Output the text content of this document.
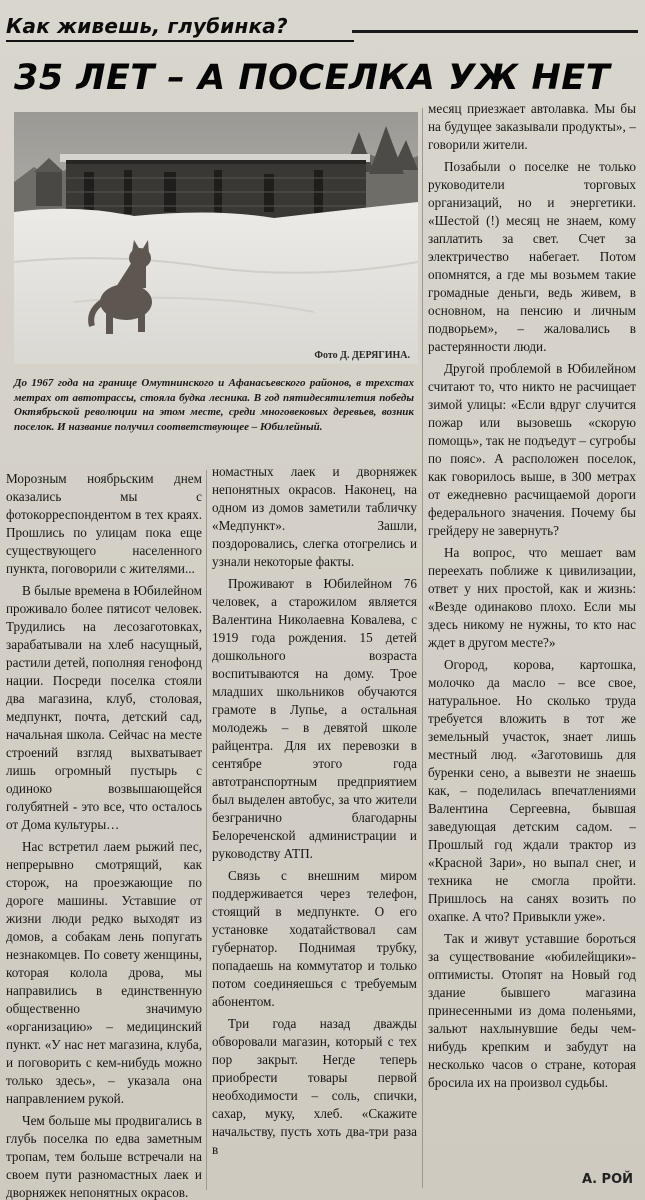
Как живешь, глубинка?
35 ЛЕТ – А ПОСЕЛКА УЖ НЕТ
Фото Д. ДЕРЯГИНА.
До 1967 года на границе Омутнинского и Афанасьевского районов, в трехстах метрах от автотрассы, стояла будка лесника. В год пятидесятилетия победы Октябрьской революции на этом месте, среди многовековых деревьев, возник поселок. И название получил соответствующее – Юбилейный.

Морозным ноябрьским днем оказались мы с фотокорреспондентом в тех краях. Прошлись по улицам пока еще существующего населенного пункта, поговорили с жителями...

В былые времена в Юбилейном проживало более пятисот человек. Трудились на лесозаготовках, зарабатывали на хлеб насущный, растили детей, пополняя генофонд нации. Посреди поселка стояли два магазина, клуб, столовая, медпункт, почта, детский сад, начальная школа. Сейчас на месте строений взгляд выхватывает лишь огромный пустырь с одиноко возвышающейся голубятней - это все, что осталось от Дома культуры…

Нас встретил лаем рыжий пес, непрерывно смотрящий, как сторож, на проезжающие по дороге машины. Уставшие от жизни люди редко выходят из домов, а собакам лень попугать незнакомцев. По совету женщины, которая колола дрова, мы направились в единственную общественно значимую «организацию» – медицинский пункт. «У нас нет магазина, клуба, и поговорить с кем-нибудь можно только здесь», – указала она направлением рукой.

Чем больше мы продвигались в глубь поселка по едва заметным тропам, тем больше встречали на своем пути разномастных лаек и дворняжек непонятных окрасов.

номастных лаек и дворняжек непонятных окрасов. Наконец, на одном из домов заметили табличку «Медпункт». Зашли, поздоровались, слегка отогрелись и узнали некоторые факты.

Проживают в Юбилейном 76 человек, а старожилом является Валентина Николаевна Ковалева, с 1919 года рождения. 15 детей дошкольного возраста воспитываются на дому. Трое младших школьников обучаются грамоте в Лупье, а остальная молодежь – в девятой школе райцентра. Для их перевозки в сентябре этого года автотранспортным предприятием был выделен автобус, за что жители безгранично благодарны Белореченской администрации и руководству АТП.

Связь с внешним миром поддерживается через телефон, стоящий в медпункте. О его установке ходатайствовал сам губернатор. Поднимая трубку, попадаешь на коммутатор и только потом соединяешься с требуемым абонентом.

Три года назад дважды обворовали магазин, который с тех пор закрыт. Негде теперь приобрести товары первой необходимости – соль, спички, сахар, муку, хлеб. «Скажите начальству, пусть хоть два-три раза в

месяц приезжает автолавка. Мы бы на будущее заказывали продукты», – говорили жители.

Позабыли о поселке не только руководители торговых организаций, но и энергетики. «Шестой (!) месяц не знаем, кому заплатить за свет. Счет за электричество набегает. Потом опомнятся, а где мы возьмем такие громадные деньги, ведь живем, в основном, на пенсию и личным подворьем», – жаловались в растерянности люди.

Другой проблемой в Юбилейном считают то, что никто не расчищает зимой улицы: «Если вдруг случится пожар или вызовешь «скорую помощь», так не подъедут – сугробы по пояс». А расположен поселок, как говорилось выше, в 300 метрах от ежедневно расчищаемой дороги федерального значения. Почему бы грейдеру не завернуть?

На вопрос, что мешает вам переехать поближе к цивилизации, ответ у них простой, как и жизнь: «Везде одинаково плохо. Если мы здесь никому не нужны, то кто нас ждет в другом месте?»

Огород, корова, картошка, молочко да масло – все свое, натуральное. Но сколько труда требуется вложить в тот же земельный участок, знает лишь местный люд. «Заготовишь для буренки сено, а вывезти не знаешь как, – поделилась впечатлениями Валентина Сергеевна, бывшая заведующая детским садом. – Прошлый год ждали трактор из «Красной Зари», но выпал снег, и техника не смогла пройти. Пришлось на санях возить по охапке. А что? Привыкли уже».

Так и живут уставшие бороться за существование «юбилейщики»-оптимисты. Отопят на Новый год здание бывшего магазина принесенными из дома поленьями, зальют нахлынувшие беды чем-нибудь крепким и забудут на несколько часов о стране, которая бросила их на произвол судьбы.

А. РОЙ
